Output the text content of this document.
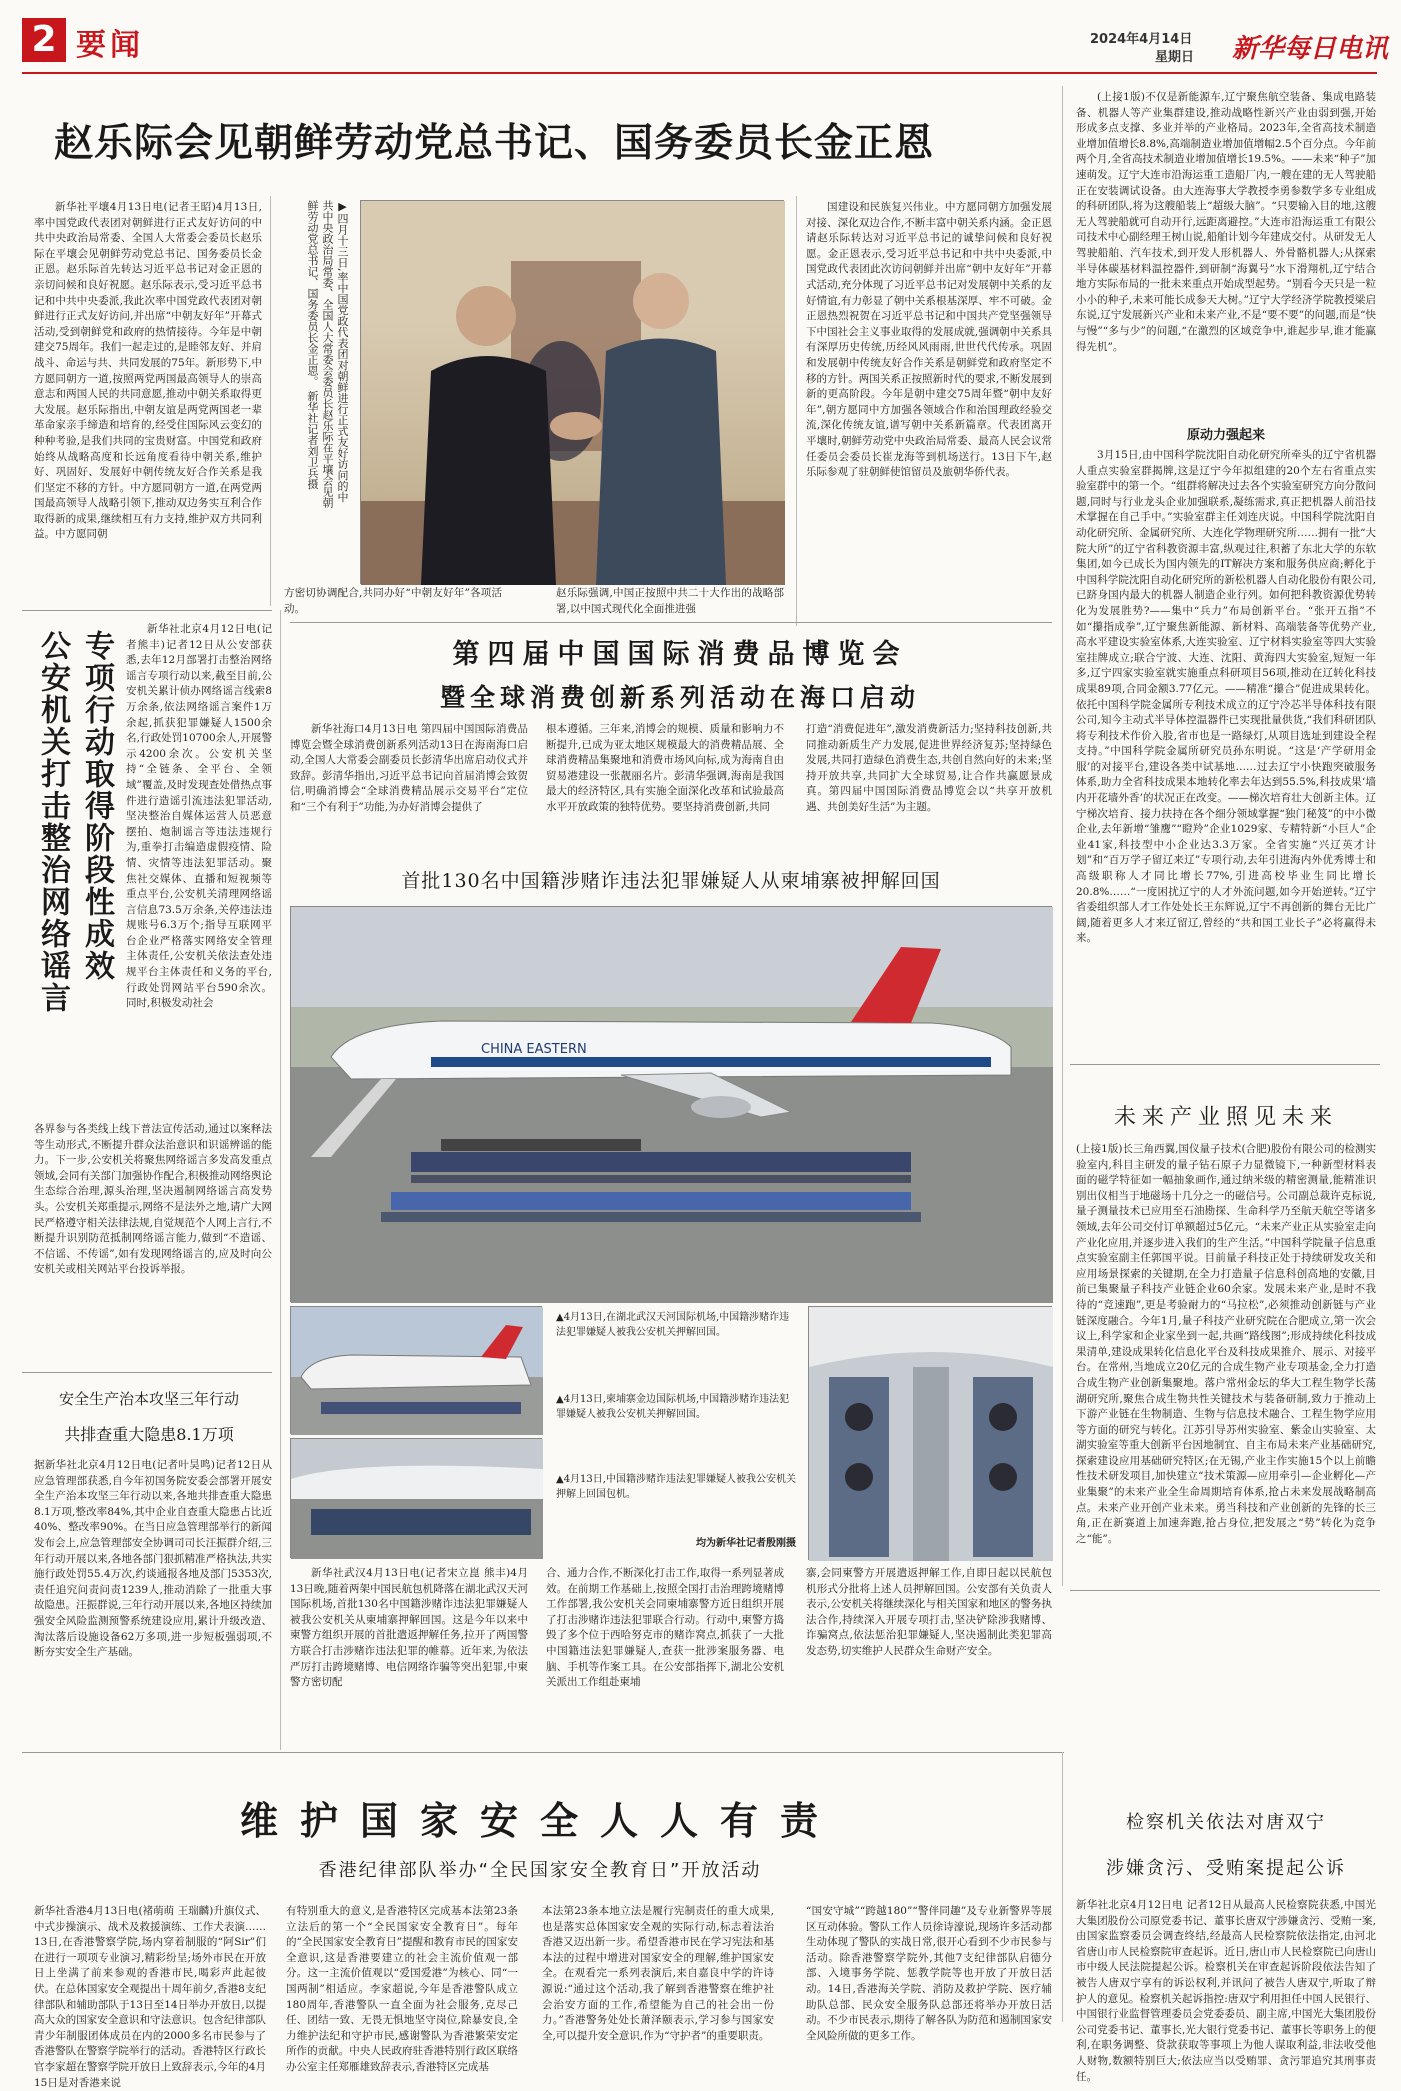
2 要闻	2024年4月14日
星期日 新华每日电讯
赵乐际会见朝鲜劳动党总书记、国务委员长金正恩

新华社平壤4月13日电(记者王昭)4月13日,率中国党政代表团对朝鲜进行正式友好访问的中共中央政治局常委、全国人大常委会委员长赵乐际在平壤会见朝鲜劳动党总书记、国务委员长金正恩。赵乐际首先转达习近平总书记对金正恩的亲切问候和良好祝愿。赵乐际表示,受习近平总书记和中共中央委派,我此次率中国党政代表团对朝鲜进行正式友好访问,并出席“中朝友好年”开幕式活动,受到朝鲜党和政府的热情接待。今年是中朝建交75周年。我们一起走过的,是睦邻友好、并肩战斗、命运与共、共同发展的75年。新形势下,中方愿同朝方一道,按照两党两国最高领导人的崇高意志和两国人民的共同意愿,推动中朝关系取得更大发展。赵乐际指出,中朝友谊是两党两国老一辈革命家亲手缔造和培育的,经受住国际风云变幻的种种考验,是我们共同的宝贵财富。中国党和政府始终从战略高度和长远角度看待中朝关系,维护好、巩固好、发展好中朝传统友好合作关系是我们坚定不移的方针。中方愿同朝方一道,在两党两国最高领导人战略引领下,推动双边务实互利合作取得新的成果,继续相互有力支持,维护双方共同利益。中方愿同朝

▶四月十三日,率中国党政代表团对朝鲜进行正式友好访问的中共中央政治局常委、全国人大常委会委员长赵乐际在平壤会见朝鲜劳动党总书记、国务委员长金正恩。 新华社记者刘卫兵摄

方密切协调配合,共同办好“中朝友好年”各项活动。

赵乐际强调,中国正按照中共二十大作出的战略部署,以中国式现代化全面推进强

国建设和民族复兴伟业。中方愿同朝方加强发展对接、深化双边合作,不断丰富中朝关系内涵。金正恩请赵乐际转达对习近平总书记的诚挚问候和良好祝愿。金正恩表示,受习近平总书记和中共中央委派,中国党政代表团此次访问朝鲜并出席“朝中友好年”开幕式活动,充分体现了习近平总书记对发展朝中关系的友好情谊,有力彰显了朝中关系根基深厚、牢不可破。金正恩热烈祝贺在习近平总书记和中国共产党坚强领导下中国社会主义事业取得的发展成就,强调朝中关系具有深厚历史传统,历经风风雨雨,世世代代传承。巩固和发展朝中传统友好合作关系是朝鲜党和政府坚定不移的方针。两国关系正按照新时代的要求,不断发展到新的更高阶段。今年是朝中建交75周年暨“朝中友好年”,朝方愿同中方加强各领域合作和治国理政经验交流,深化传统友谊,谱写朝中关系新篇章。代表团离开平壤时,朝鲜劳动党中央政治局常委、最高人民会议常任委员会委员长崔龙海等到机场送行。13日下午,赵乐际参观了驻朝鲜使馆留员及旅朝华侨代表。

公安机关打击整治网络谣言 专项行动取得阶段性成效

新华社北京4月12日电(记者熊丰)记者12日从公安部获悉,去年12月部署打击整治网络谣言专项行动以来,截至目前,公安机关累计侦办网络谣言线索8万余条,依法网络谣言案件1万余起,抓获犯罪嫌疑人1500余名,行政处罚10700余人,开展警示4200余次。公安机关坚持“全链条、全平台、全领域”覆盖,及时发现查处借热点事件进行造谣引流违法犯罪活动,坚决整治自媒体运营人员恶意摆拍、炮制谣言等违法违规行为,重拳打击编造虚假疫情、险情、灾情等违法犯罪活动。聚焦社交媒体、直播和短视频等重点平台,公安机关清理网络谣言信息73.5万余条,关停违法违规账号6.3万个;指导互联网平台企业严格落实网络安全管理主体责任,公安机关依法查处违规平台主体责任和义务的平台,行政处罚网站平台590余次。同时,积极发动社会

各界参与各类线上线下普法宣传活动,通过以案释法等生动形式,不断提升群众法治意识和识谣辨谣的能力。下一步,公安机关将聚焦网络谣言多发高发重点领域,会同有关部门加强协作配合,积极推动网络舆论生态综合治理,源头治理,坚决遏制网络谣言高发势头。公安机关郑重提示,网络不是法外之地,请广大网民严格遵守相关法律法规,自觉规范个人网上言行,不断提升识别防范抵制网络谣言能力,做到“不造谣、不信谣、不传谣”,如有发现网络谣言的,应及时向公安机关或相关网站平台投诉举报。

第四届中国国际消费品博览会
暨全球消费创新系列活动在海口启动

新华社海口4月13日电 第四届中国国际消费品博览会暨全球消费创新系列活动13日在海南海口启动,全国人大常委会副委员长彭清华出席启动仪式并致辞。彭清华指出,习近平总书记向首届消博会致贺信,明确消博会“全球消费精品展示交易平台”定位和“三个有利于”功能,为办好消博会提供了

根本遵循。三年来,消博会的规模、质量和影响力不断提升,已成为亚太地区规模最大的消费精品展、全球消费精品集聚地和消费市场风向标,成为海南自由贸易港建设一张靓丽名片。彭清华强调,海南是我国最大的经济特区,具有实施全面深化改革和试验最高水平开放政策的独特优势。要坚持消费创新,共同

打造“消费促进年”,激发消费新活力;坚持科技创新,共同推动新质生产力发展,促进世界经济复苏;坚持绿色发展,共同打造绿色消费生态,共创自然向好的未来;坚持开放共享,共同扩大全球贸易,让合作共赢愿景成真。第四届中国国际消费品博览会以“共享开放机遇、共创美好生活”为主题。

首批130名中国籍涉赌诈违法犯罪嫌疑人从柬埔寨被押解回国
CHINA EASTERN
▲4月13日,在湖北武汉天河国际机场,中国籍涉赌诈违法犯罪嫌疑人被我公安机关押解回国。
▲4月13日,柬埔寨金边国际机场,中国籍涉赌诈违法犯罪嫌疑人被我公安机关押解回国。
▲4月13日,中国籍涉赌诈违法犯罪嫌疑人被我公安机关押解上回国包机。
均为新华社记者殷刚摄

新华社武汉4月13日电(记者宋立崑 熊丰)4月13日晚,随着两架中国民航包机降落在湖北武汉天河国际机场,首批130名中国籍涉赌诈违法犯罪嫌疑人被我公安机关从柬埔寨押解回国。这是今年以来中柬警方组织开展的首批遣返押解任务,拉开了两国警方联合打击涉赌诈违法犯罪的帷幕。近年来,为依法严厉打击跨境赌博、电信网络诈骗等突出犯罪,中柬警方密切配

合、通力合作,不断深化打击工作,取得一系列显著成效。在前期工作基础上,按照全国打击治理跨境赌博工作部署,我公安机关会同柬埔寨警方近日组织开展了打击涉赌诈违法犯罪联合行动。行动中,柬警方捣毁了多个位于西哈努克市的赌诈窝点,抓获了一大批中国籍违法犯罪嫌疑人,查获一批涉案服务器、电脑、手机等作案工具。在公安部指挥下,湖北公安机关派出工作组赴柬埔

寨,会同柬警方开展遣返押解工作,自即日起以民航包机形式分批将上述人员押解回国。公安部有关负责人表示,公安机关将继续深化与相关国家和地区的警务执法合作,持续深入开展专项打击,坚决铲除涉我赌博、诈骗窝点,依法惩治犯罪嫌疑人,坚决遏制此类犯罪高发态势,切实维护人民群众生命财产安全。

安全生产治本攻坚三年行动
共排查重大隐患8.1万项

据新华社北京4月12日电(记者叶昊鸣)记者12日从应急管理部获悉,自今年初国务院安委会部署开展安全生产治本攻坚三年行动以来,各地共排查重大隐患8.1万项,整改率84%,其中企业自查重大隐患占比近40%、整改率90%。在当日应急管理部举行的新闻发布会上,应急管理部安全协调司司长汪振群介绍,三年行动开展以来,各地各部门狠抓精准严格执法,共实施行政处罚55.4万次,约谈通报各地及部门5353次,责任追究问责问责1239人,推动消除了一批重大事故隐患。汪振群说,三年行动开展以来,各地区持续加强安全风险监测预警系统建设应用,累计升级改造、淘汰落后设施设备62万多项,进一步短板强弱项,不断夯实安全生产基础。

(上接1版)不仅是新能源车,辽宁聚焦航空装备、集成电路装备、机器人等产业集群建设,推动战略性新兴产业由弱到强,开始形成多点支撑、多业并举的产业格局。2023年,全省高技术制造业增加值增长8.8%,高端制造业增加值增幅2.5个百分点。今年前两个月,全省高技术制造业增加值增长19.5%。——未来“种子”加速萌发。辽宁大连市沿海运重工造船厂内,一艘在建的无人驾驶船正在安装调试设备。由大连海事大学教授李勇参数学多专业组成的科研团队,将为这艘船装上“超级大脑”。“只要输入目的地,这艘无人驾驶船就可自动开行,远距离避控。”大连市沿海运重工有限公司技术中心副经理王树山说,船舶计划今年建成交付。从研发无人驾驶船舶、汽车技术,到开发人形机器人、外骨骼机器人;从探索半导体碳基材料温控器件,到研制“海翼号”水下滑翔机,辽宁结合地方实际布局的一批未来重点开始成型起势。“别看今天只是一粒小小的种子,未来可能长成参天大树。”辽宁大学经济学院教授梁启东说,辽宁发展新兴产业和未来产业,不是“要不要”的问题,而是“快与慢”“多与少”的问题,“在激烈的区域竞争中,谁起步早,谁才能赢得先机”。

原动力强起来

3月15日,由中国科学院沈阳自动化研究所牵头的辽宁省机器人重点实验室群揭牌,这是辽宁今年拟组建的20个左右省重点实验室群中的第一个。“组群将解决过去各个实验室研究方向分散问题,同时与行业龙头企业加强联系,凝练需求,真正把机器人前沿技术掌握在自己手中。”实验室群主任刘连庆说。中国科学院沈阳自动化研究所、金属研究所、大连化学物理研究所……拥有一批“大院大所”的辽宁省科教资源丰富,纵观过往,积蓄了东北大学的东软集团,如今已成长为国内领先的IT解决方案和服务供应商;孵化于中国科学院沈阳自动化研究所的新松机器人自动化股份有限公司,已跻身国内最大的机器人制造企业行列。如何把科教资源优势转化为发展胜势?——集中“兵力”布局创新平台。“张开五指”不如“攥指成拳”,辽宁聚焦新能源、新材料、高端装备等优势产业,高水平建设实验室体系,大连实验室、辽宁材料实验室等四大实验室挂牌成立;联合宁波、大连、沈阳、黄海四大实验室,短短一年多,辽宁四家实验室就实施重点科研项目56项,推动在辽转化科技成果89项,合同金额3.77亿元。——精准“攥合”促进成果转化。依托中国科学院金属所专利技术成立的辽宁冷芯半导体科技有限公司,知今主动式半导体控温器件已实现批量供货,“我们科研团队将专利技术作价入股,省市也是一路绿灯,从项目选址到建设全程支持。”中国科学院金属所研究员孙东明说。“这是‘产学研用金服’的对接平台,建设各类中试基地……过去辽宁小快跑突破服务体系,助力全省科技成果本地转化率去年达到55.5%,科技成果‘墙内开花墙外香’的状况正在改变。——梯次培育壮大创新主体。辽宁梯次培育、接力扶持在各个细分领域掌握“独门秘笈”的中小微企业,去年新增“雏鹰”“瞪羚”企业1029家、专精特新“小巨人”企业41家,科技型中小企业达3.3万家。全省实施“兴辽英才计划”和“百万学子留辽来辽”专项行动,去年引进海内外优秀博士和高级职称人才同比增长77%,引进高校毕业生同比增长20.8%……“一度困扰辽宁的人才外流问题,如今开始逆转。”辽宁省委组织部人才工作处处长王东辉说,辽宁不再创新的舞台无比广阔,随着更多人才来辽留辽,曾经的“共和国工业长子”必将赢得未来。

未来产业照见未来

(上接1版)长三角西翼,国仪量子技术(合肥)股份有限公司的检测实验室内,科目主研发的量子钻石原子力显微镜下,一种新型材料表面的磁学特征如一幅抽象画作,通过纳米级的精密测量,能精准识别出仪相当于地磁场十几分之一的磁信号。公司副总裁许克标说,量子测量技术已应用至石油勘探、生命科学乃至航天航空等诸多领域,去年公司交付订单额超过5亿元。“未来产业正从实验室走向产业化应用,并逐步进入我们的生产生活。”中国科学院量子信息重点实验室副主任郭国平说。目前量子科技正处于持续研发攻关和应用场景探索的关键期,在全力打造量子信息科创高地的安徽,目前已集聚量子科技产业链企业60余家。发展未来产业,是时不我待的“竞速跑”,更是考验耐力的“马拉松”,必须推动创新链与产业链深度融合。今年1月,量子科技产业研究院在合肥成立,第一次会议上,科学家和企业家坐到一起,共画“路线图”;形成持续化科技成果清单,建设成果转化信息化平台及科技成果推介、展示、对接平台。在常州,当地成立20亿元的合成生物产业专项基金,全力打造合成生物产业创新集聚地。落户常州金坛的华大工程生物学长荡湖研究所,聚焦合成生物共性关键技术与装备研制,致力于推动上下游产业链在生物制造、生物与信息技术融合、工程生物学应用等方面的研究与转化。江苏引导苏州实验室、紫金山实验室、太湖实验室等重大创新平台因地制宜、自主布局未来产业基础研究,探索建设应用基础研究特区;在无锡,产业主作实施15个以上前瞻性技术研发项目,加快建立“技术策源—应用牵引—企业孵化—产业集聚”的未来产业全生命周期培育体系,抢占未来发展战略制高点。未来产业开创产业未来。勇当科技和产业创新的先锋的长三角,正在新赛道上加速奔跑,抢占身位,把发展之“势”转化为竞争之“能”。

维护国家安全人人有责
香港纪律部队举办“全民国家安全教育日”开放活动

新华社香港4月13日电(褚萌萌 王瑞麟)升旗仪式、中式步操演示、战术及救援演练、工作犬表演……13日,在香港警察学院,场内穿着制服的“阿Sir”们在进行一项项专业演习,精彩纷呈;场外市民在开放日上坐满了前来参观的香港市民,喝彩声此起彼伏。在总体国家安全观提出十周年前夕,香港8支纪律部队和辅助部队于13日至14日举办开放日,以提高大众的国家安全意识和守法意识。包含纪律部队青少年制服团体成员在内的2000多名市民参与了香港警队在警察学院举行的活动。香港特区行政长官李家超在警察学院开放日上致辞表示,今年的4月15日是对香港来说

有特别重大的意义,是香港特区完成基本法第23条立法后的第一个“全民国家安全教育日”。每年的“全民国家安全教育日”提醒和教育市民的国家安全意识,这是香港要建立的社会主流价值观一部分。这一主流价值观以“爱国爱港”为核心、同“一国两制”相适应。李家超说,今年是香港警队成立180周年,香港警队一直全面为社会服务,克尽己任、团结一致、无畏无惧地坚守岗位,除暴安良,全力维护法纪和守护市民,感谢警队为香港繁荣安定所作的贡献。中央人民政府驻香港特别行政区联络办公室主任郑雁雄致辞表示,香港特区完成基

本法第23条本地立法是履行宪制责任的重大成果,也是落实总体国家安全观的实际行动,标志着法治香港又迈出新一步。希望香港市民在学习宪法和基本法的过程中增进对国家安全的理解,维护国家安全。在观看完一系列表演后,来自嘉良中学的许诗源说:“通过这个活动,我了解到香港警察在维护社会治安方面的工作,希望能为自己的社会出一份力。”香港警务处处长萧泽颐表示,学习参与国家安全,可以提升安全意识,作为“守护者”的重要职责。

“国安守城”“跨越180”“警伴同趣”及专业新警界等展区互动体验。警队工作人员徐诗濠说,现场许多活动都生动体现了警队的实战日常,很开心看到不少市民参与活动。除香港警察学院外,其他7支纪律部队启德分部、入境事务学院、惩教学院等也开放了开放日活动。14日,香港海关学院、消防及救护学院、医疗辅助队总部、民众安全服务队总部还将举办开放日活动。不少市民表示,期待了解各队为防范和遏制国家安全风险所做的更多工作。

检察机关依法对唐双宁
涉嫌贪污、受贿案提起公诉

新华社北京4月12日电 记者12日从最高人民检察院获悉,中国光大集团股份公司原党委书记、董事长唐双宁涉嫌贪污、受贿一案,由国家监察委员会调查终结,经最高人民检察院依法指定,由河北省唐山市人民检察院审查起诉。近日,唐山市人民检察院已向唐山市中级人民法院提起公诉。检察机关在审查起诉阶段依法告知了被告人唐双宁享有的诉讼权利,并讯问了被告人唐双宁,听取了辩护人的意见。检察机关起诉指控:唐双宁利用担任中国人民银行、中国银行业监督管理委员会党委委员、副主席,中国光大集团股份公司党委书记、董事长,光大银行党委书记、董事长等职务上的便利,在职务调整、贷款获取等事项上为他人谋取利益,非法收受他人财物,数额特别巨大;依法应当以受贿罪、贪污罪追究其刑事责任。
